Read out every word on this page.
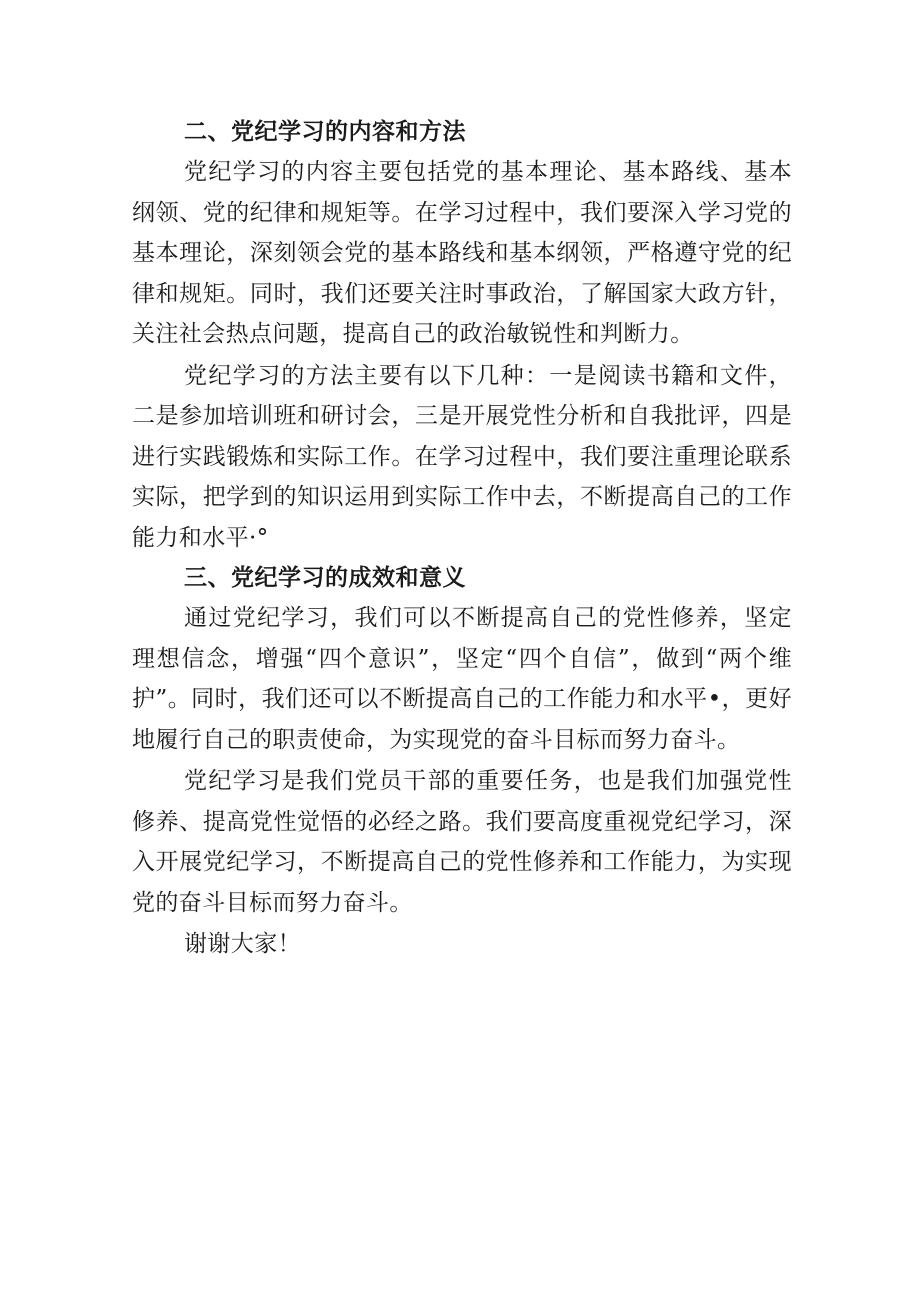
二、党纪学习的内容和方法

党纪学习的内容主要包括党的基本理论、基本路线、基本纲领、党的纪律和规矩等。在学习过程中，我们要深入学习党的基本理论，深刻领会党的基本路线和基本纲领，严格遵守党的纪律和规矩。同时，我们还要关注时事政治，了解国家大政方针，关注社会热点问题，提高自己的政治敏锐性和判断力。

党纪学习的方法主要有以下几种：一是阅读书籍和文件，二是参加培训班和研讨会，三是开展党性分析和自我批评，四是进行实践锻炼和实际工作。在学习过程中，我们要注重理论联系实际，把学到的知识运用到实际工作中去，不断提高自己的工作能力和水平·°

三、党纪学习的成效和意义

通过党纪学习，我们可以不断提高自己的党性修养，坚定理想信念，增强“四个意识”，坚定“四个自信”，做到“两个维护”。同时，我们还可以不断提高自己的工作能力和水平•，更好地履行自己的职责使命，为实现党的奋斗目标而努力奋斗。

党纪学习是我们党员干部的重要任务，也是我们加强党性修养、提高党性觉悟的必经之路。我们要高度重视党纪学习，深入开展党纪学习，不断提高自己的党性修养和工作能力，为实现党的奋斗目标而努力奋斗。

谢谢大家！
